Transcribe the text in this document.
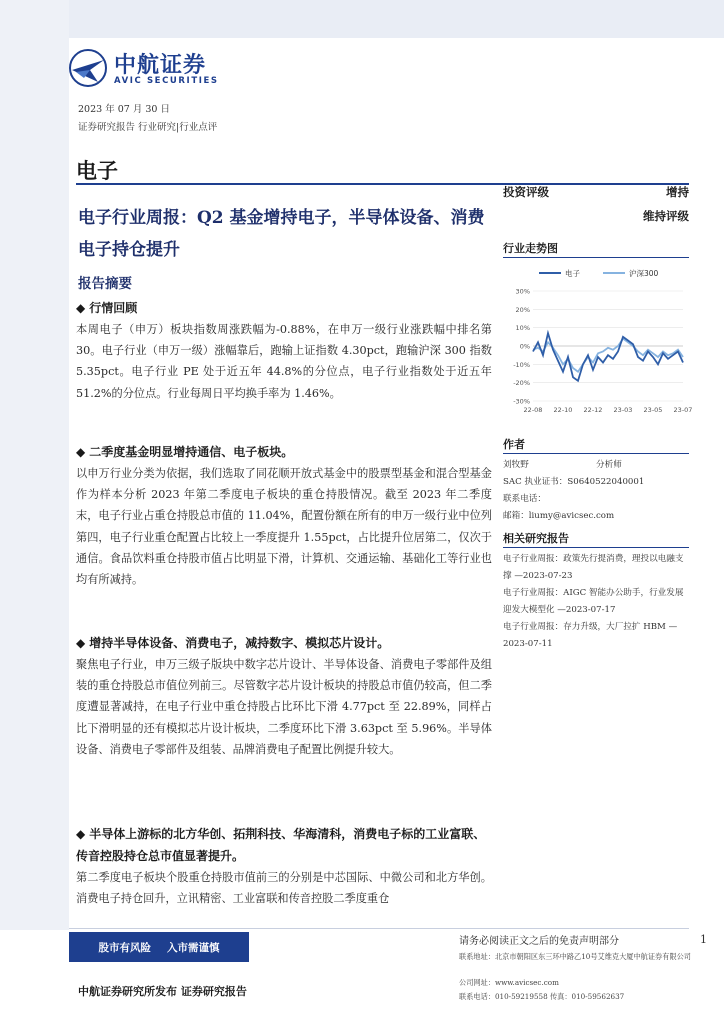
中航证券
AVIC SECURITIES
2023 年 07 月 30 日
证券研究报告 行业研究|行业点评
电子
电子行业周报：Q2 基金增持电子，半导体设备、消费电子持仓提升
报告摘要
◆ 行情回顾
本周电子（申万）板块指数周涨跌幅为-0.88%，在申万一级行业涨跌幅中排名第 30。电子行业（申万一级）涨幅靠后，跑输上证指数 4.30pct，跑输沪深 300 指数 5.35pct。电子行业 PE 处于近五年 44.8%的分位点，电子行业指数处于近五年 51.2%的分位点。行业每周日平均换手率为 1.46%。
◆ 二季度基金明显增持通信、电子板块。
以申万行业分类为依据，我们选取了同花顺开放式基金中的股票型基金和混合型基金作为样本分析 2023 年第二季度电子板块的重仓持股情况。截至 2023 年二季度末，电子行业占重仓持股总市值的 11.04%，配置份额在所有的申万一级行业中位列第四，电子行业重仓配置占比较上一季度提升 1.55pct，占比提升位居第二，仅次于通信。食品饮料重仓持股市值占比明显下滑，计算机、交通运输、基础化工等行业也均有所减持。
◆ 增持半导体设备、消费电子，减持数字、模拟芯片设计。
聚焦电子行业，申万三级子版块中数字芯片设计、半导体设备、消费电子零部件及组装的重仓持股总市值位列前三。尽管数字芯片设计板块的持股总市值仍较高，但二季度遭显著减持，在电子行业中重仓持股占比环比下滑 4.77pct 至 22.89%，同样占比下滑明显的还有模拟芯片设计板块，二季度环比下滑 3.63pct 至 5.96%。半导体设备、消费电子零部件及组装、品牌消费电子配置比例提升较大。
◆ 半导体上游标的北方华创、拓荆科技、华海清科，消费电子标的工业富联、传音控股持仓总市值显著提升。
第二季度电子板块个股重仓持股市值前三的分别是中芯国际、中微公司和北方华创。消费电子持仓回升，立讯精密、工业富联和传音控股二季度重仓
投资评级	增持
维持评级
行业走势图
电子	沪深300
30%
20%
10%
0%
-10%
-20%
-30%
22-08 22-10 22-12 23-03 23-05 23-07
作者
刘牧野	分析师
SAC 执业证书：S0640522040001
联系电话：
邮箱：liumy@avicsec.com
相关研究报告
电子行业周报：政策先行提消费，理投以电融支撑 —2023-07-23
电子行业周报：AIGC 智能办公助手，行业发展迎发大模型化 —2023-07-17
电子行业周报：存力升级，大厂拉扩 HBM —2023-07-11
股市有风险 入市需谨慎	请务必阅读正文之后的免责声明部分	1
联系地址：北京市朝阳区东三环中路乙10号艾维克大厦中航证券有限公司
公司网址：www.avicsec.com
联系电话：010-59219558 传真：010-59562637
中航证券研究所发布 证券研究报告
